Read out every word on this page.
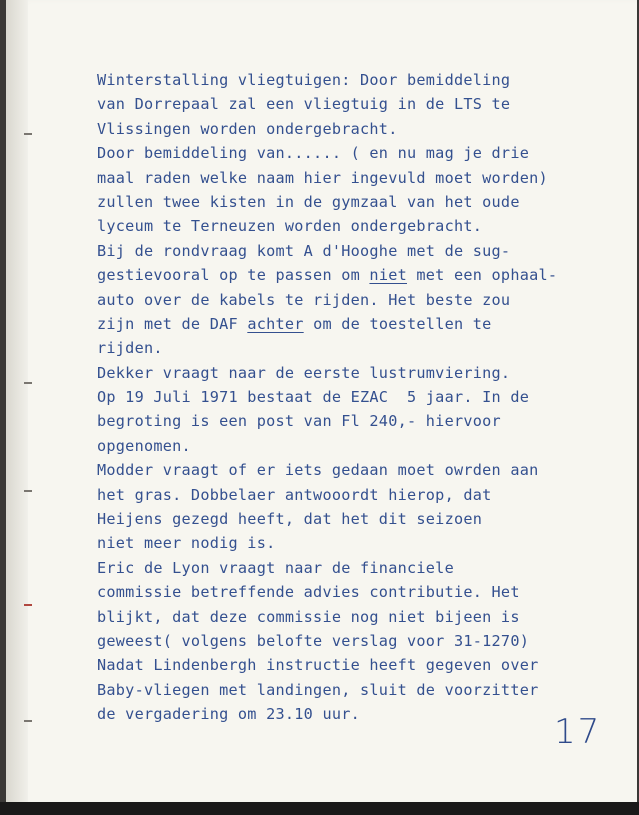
Winterstalling vliegtuigen: Door bemiddeling
van Dorrepaal zal een vliegtuig in de LTS te
Vlissingen worden ondergebracht.
Door bemiddeling van...... ( en nu mag je drie
maal raden welke naam hier ingevuld moet worden)
zullen twee kisten in de gymzaal van het oude
lyceum te Terneuzen worden ondergebracht.
Bij de rondvraag komt A d'Hooghe met de sug-
gestievooral op te passen om niet met een ophaal-
auto over de kabels te rijden. Het beste zou
zijn met de DAF achter om de toestellen te
rijden.
Dekker vraagt naar de eerste lustrumviering.
Op 19 Juli 1971 bestaat de EZAC  5 jaar. In de
begroting is een post van Fl 240,- hiervoor
opgenomen.
Modder vraagt of er iets gedaan moet owrden aan
het gras. Dobbelaer antwooordt hierop, dat
Heijens gezegd heeft, dat het dit seizoen
niet meer nodig is.
Eric de Lyon vraagt naar de financiele
commissie betreffende advies contributie. Het
blijkt, dat deze commissie nog niet bijeen is
geweest( volgens belofte verslag voor 31-1270)
Nadat Lindenbergh instructie heeft gegeven over
Baby-vliegen met landingen, sluit de voorzitter
de vergadering om 23.10 uur.	17
